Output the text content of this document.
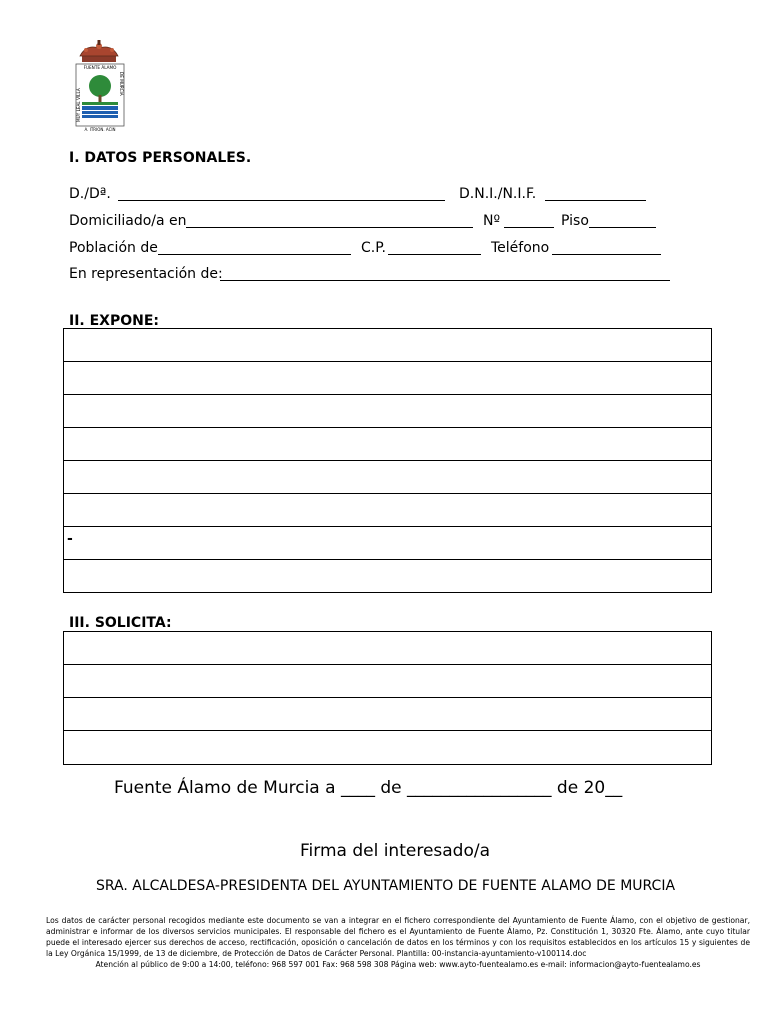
FUENTE ÁLAMO
MUY LEAL VILLA
DE MURCIA
A. ITRION. ACIN
I. DATOS PERSONALES.
D./Dª.	D.N.I./N.I.F.
Domiciliado/a en	Nº	Piso
Población de	C.P.	Teléfono
En representación de:
II. EXPONE:
-
III. SOLICITA:
Fuente Álamo de Murcia a ____ de _________________ de 20__
Firma del interesado/a
SRA. ALCALDESA-PRESIDENTA DEL AYUNTAMIENTO DE FUENTE ALAMO DE MURCIA
Los datos de carácter personal recogidos mediante este documento se van a integrar en el fichero correspondiente del Ayuntamiento de Fuente Álamo, con el objetivo de gestionar, administrar e informar de los diversos servicios municipales. El responsable del fichero es el Ayuntamiento de Fuente Álamo, Pz. Constitución 1, 30320 Fte. Álamo, ante cuyo titular puede el interesado ejercer sus derechos de acceso, rectificación, oposición o cancelación de datos en los términos y con los requisitos establecidos en los artículos 15 y siguientes de la Ley Orgánica 15/1999, de 13 de diciembre, de Protección de Datos de Carácter Personal. Plantilla: 00-instancia-ayuntamiento-v100114.doc
Atención al público de 9:00 a 14:00, teléfono: 968 597 001 Fax: 968 598 308 Página web: www.ayto-fuentealamo.es e-mail: informacion@ayto-fuentealamo.es
